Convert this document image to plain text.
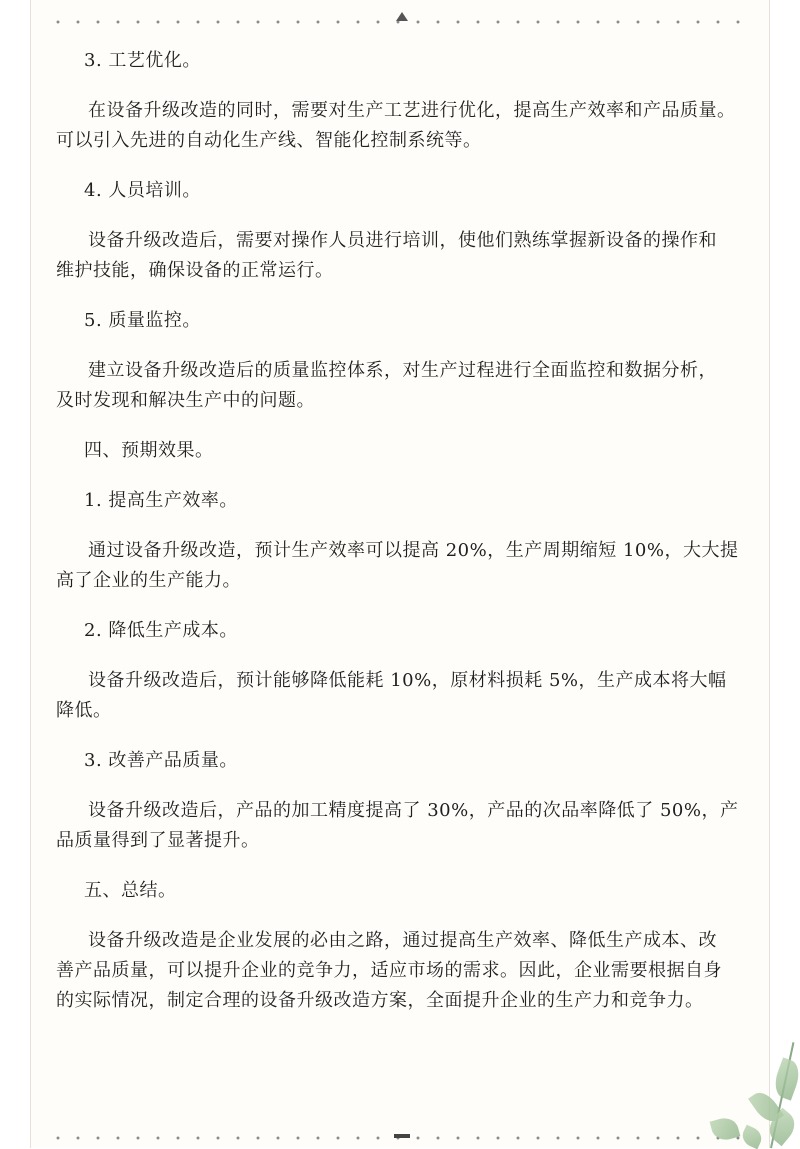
3. 工艺优化。
在设备升级改造的同时，需要对生产工艺进行优化，提高生产效率和产品质量。
可以引入先进的自动化生产线、智能化控制系统等。
4. 人员培训。
设备升级改造后，需要对操作人员进行培训，使他们熟练掌握新设备的操作和
维护技能，确保设备的正常运行。
5. 质量监控。
建立设备升级改造后的质量监控体系，对生产过程进行全面监控和数据分析，
及时发现和解决生产中的问题。
四、预期效果。
1. 提高生产效率。
通过设备升级改造，预计生产效率可以提高 20%，生产周期缩短 10%，大大提
高了企业的生产能力。
2. 降低生产成本。
设备升级改造后，预计能够降低能耗 10%，原材料损耗 5%，生产成本将大幅
降低。
3. 改善产品质量。
设备升级改造后，产品的加工精度提高了 30%，产品的次品率降低了 50%，产
品质量得到了显著提升。
五、总结。
设备升级改造是企业发展的必由之路，通过提高生产效率、降低生产成本、改
善产品质量，可以提升企业的竞争力，适应市场的需求。因此，企业需要根据自身
的实际情况，制定合理的设备升级改造方案，全面提升企业的生产力和竞争力。
